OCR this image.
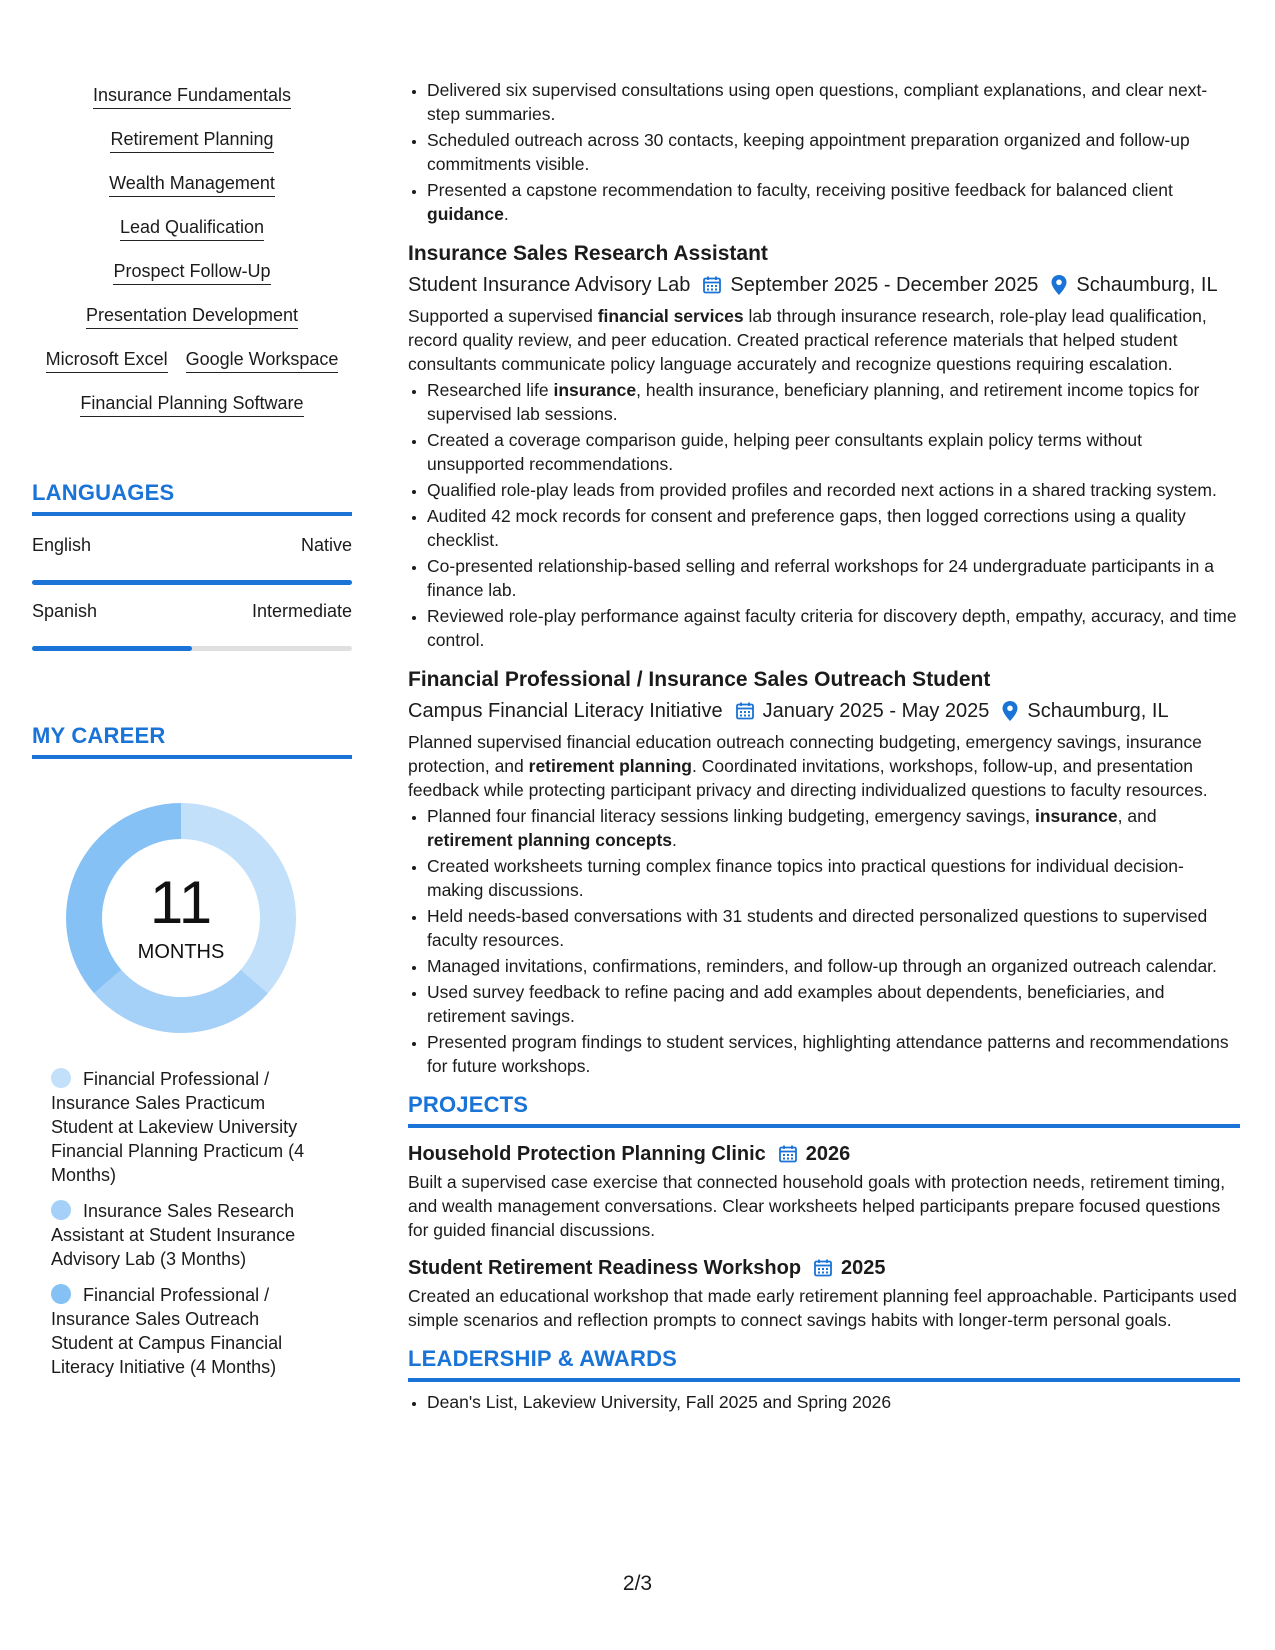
Insurance Fundamentals
Retirement Planning
Wealth Management
Lead Qualification
Prospect Follow-Up
Presentation Development
Microsoft Excel Google Workspace
Financial Planning Software
LANGUAGES
English	Native
Spanish	Intermediate
MY CAREER
11
MONTHS
Financial Professional / Insurance Sales Practicum Student at Lakeview University Financial Planning Practicum (4 Months)
Insurance Sales Research Assistant at Student Insurance Advisory Lab (3 Months)
Financial Professional / Insurance Sales Outreach Student at Campus Financial Literacy Initiative (4 Months)
• Delivered six supervised consultations using open questions, compliant explanations, and clear next-step summaries.
• Scheduled outreach across 30 contacts, keeping appointment preparation organized and follow-up commitments visible.
• Presented a capstone recommendation to faculty, receiving positive feedback for balanced client guidance.
Insurance Sales Research Assistant
Student Insurance Advisory Lab September 2025 - December 2025 Schaumburg, IL
Supported a supervised financial services lab through insurance research, role-play lead qualification, record quality review, and peer education. Created practical reference materials that helped student consultants communicate policy language accurately and recognize questions requiring escalation.
• Researched life insurance, health insurance, beneficiary planning, and retirement income topics for supervised lab sessions.
• Created a coverage comparison guide, helping peer consultants explain policy terms without unsupported recommendations.
• Qualified role-play leads from provided profiles and recorded next actions in a shared tracking system.
• Audited 42 mock records for consent and preference gaps, then logged corrections using a quality checklist.
• Co-presented relationship-based selling and referral workshops for 24 undergraduate participants in a finance lab.
• Reviewed role-play performance against faculty criteria for discovery depth, empathy, accuracy, and time control.
Financial Professional / Insurance Sales Outreach Student
Campus Financial Literacy Initiative January 2025 - May 2025 Schaumburg, IL
Planned supervised financial education outreach connecting budgeting, emergency savings, insurance protection, and retirement planning. Coordinated invitations, workshops, follow-up, and presentation feedback while protecting participant privacy and directing individualized questions to faculty resources.
• Planned four financial literacy sessions linking budgeting, emergency savings, insurance, and retirement planning concepts.
• Created worksheets turning complex finance topics into practical questions for individual decision-making discussions.
• Held needs-based conversations with 31 students and directed personalized questions to supervised faculty resources.
• Managed invitations, confirmations, reminders, and follow-up through an organized outreach calendar.
• Used survey feedback to refine pacing and add examples about dependents, beneficiaries, and retirement savings.
• Presented program findings to student services, highlighting attendance patterns and recommendations for future workshops.
PROJECTS
Household Protection Planning Clinic 2026
Built a supervised case exercise that connected household goals with protection needs, retirement timing, and wealth management conversations. Clear worksheets helped participants prepare focused questions for guided financial discussions.
Student Retirement Readiness Workshop 2025
Created an educational workshop that made early retirement planning feel approachable. Participants used simple scenarios and reflection prompts to connect savings habits with longer-term personal goals.
LEADERSHIP & AWARDS
• Dean's List, Lakeview University, Fall 2025 and Spring 2026
2/3
